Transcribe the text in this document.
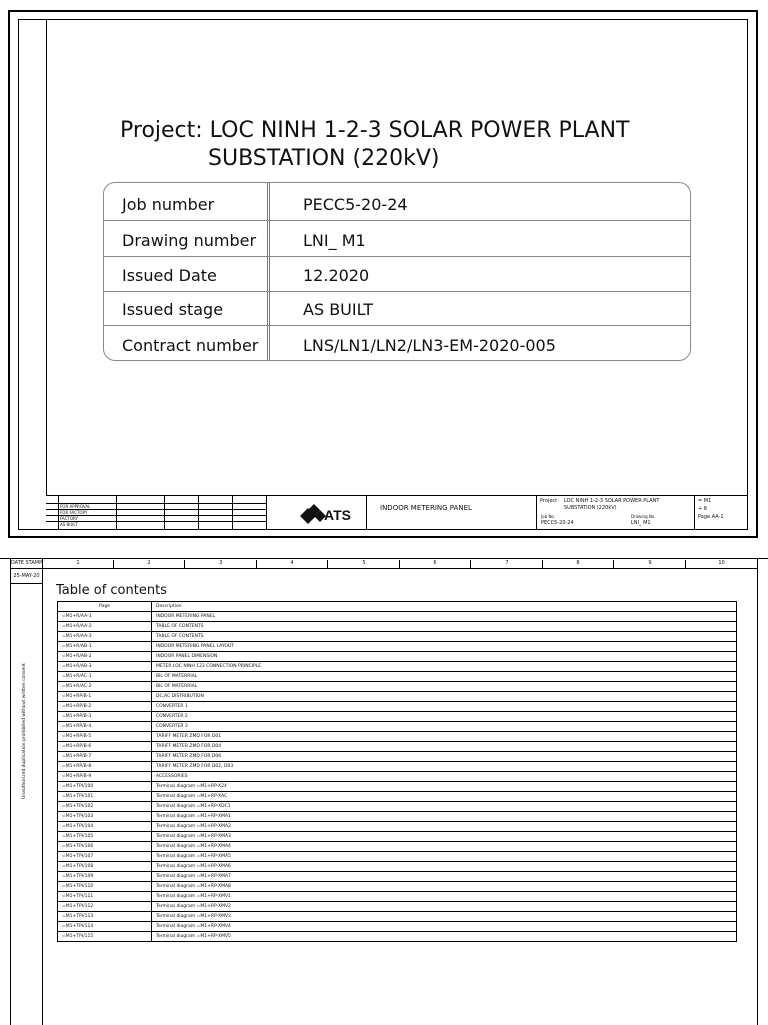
Project: LOC NINH 1-2-3 SOLAR POWER PLANT
SUBSTATION (220kV)
Job number	PECC5-20-24
Drawing number	LNI_ M1
Issued Date	12.2020
Issued stage	AS BUILT
Contract number	LNS/LN1/LN2/LN3-EM-2020-005
FOR APPROVAL
FOR FACTORY
FACTORY
AS BUILT
ATS	INDOOR METERING PANEL
Project LOC NINH 1-2-3 SOLAR POWER PLANT
SUBSTATION (220kV)
Job No.
PECC5-20-24
Drawing No.
LNI_ M1
= M1
+ 8
Page AA-1
DATE STAMP
25-MAY-20
Unauthorized duplication prohibited without written consent
1	2	3	4	5	6	7	8	9	10
Table of contents
Page	Description
=M1+R/AA-1	INDOOR METERING PANEL
=M1+R/AA-2	TABLE OF CONTENTS
=M1+R/AA-3	TABLE OF CONTENTS
=M1+R/AB-1	INDOOR METERING PANEL LAYOUT
=M1+R/AB-2	INDOOR PANEL DIMENSION
=M1+R/AB-3	METER LOC NINH 123 CONNECTION PRINCIPLE
=M1+R/AC-1	BIL OF MATERRIAL
=M1+R/AC-2	BIL OF MATERRIAL
=M1+RP/B-1	DC,AC DISTRIBUTION
=M1+RP/B-2	CONVERTER 1
=M1+RP/B-3	CONVERTER 2
=M1+RP/B-4	CONVERTER 3
=M1+RP/B-5	TARIFF METER ZMD FOR D01
=M1+RP/B-6	TARIFF METER ZMD FOR D04
=M1+RP/B-7	TARIFF METER ZMD FOR D06
=M1+RP/B-8	TARIFF METER ZMD FOR D02, D03
=M1+RP/B-9	ACCESSORIES
=M1+TPI/100	Terminal diagram =M1+RP-X24
=M1+TPI/101	Terminal diagram =M1+RP-XAC
=M1+TPI/102	Terminal diagram =M1+RP-XDC1
=M1+TPI/103	Terminal diagram =M1+RP-XMA1
=M1+TPI/104	Terminal diagram =M1+RP-XMA2
=M1+TPI/105	Terminal diagram =M1+RP-XMA3
=M1+TPI/106	Terminal diagram =M1+RP-XMA4
=M1+TPI/107	Terminal diagram =M1+RP-XMA5
=M1+TPI/108	Terminal diagram =M1+RP-XMA6
=M1+TPI/109	Terminal diagram =M1+RP-XMA7
=M1+TPI/110	Terminal diagram =M1+RP-XMA8
=M1+TPI/111	Terminal diagram =M1+RP-XMV1
=M1+TPI/112	Terminal diagram =M1+RP-XMV2
=M1+TPI/113	Terminal diagram =M1+RP-XMV3
=M1+TPI/114	Terminal diagram =M1+RP-XMV4
=M1+TPI/115	Terminal diagram =M1+RP-XMV5
